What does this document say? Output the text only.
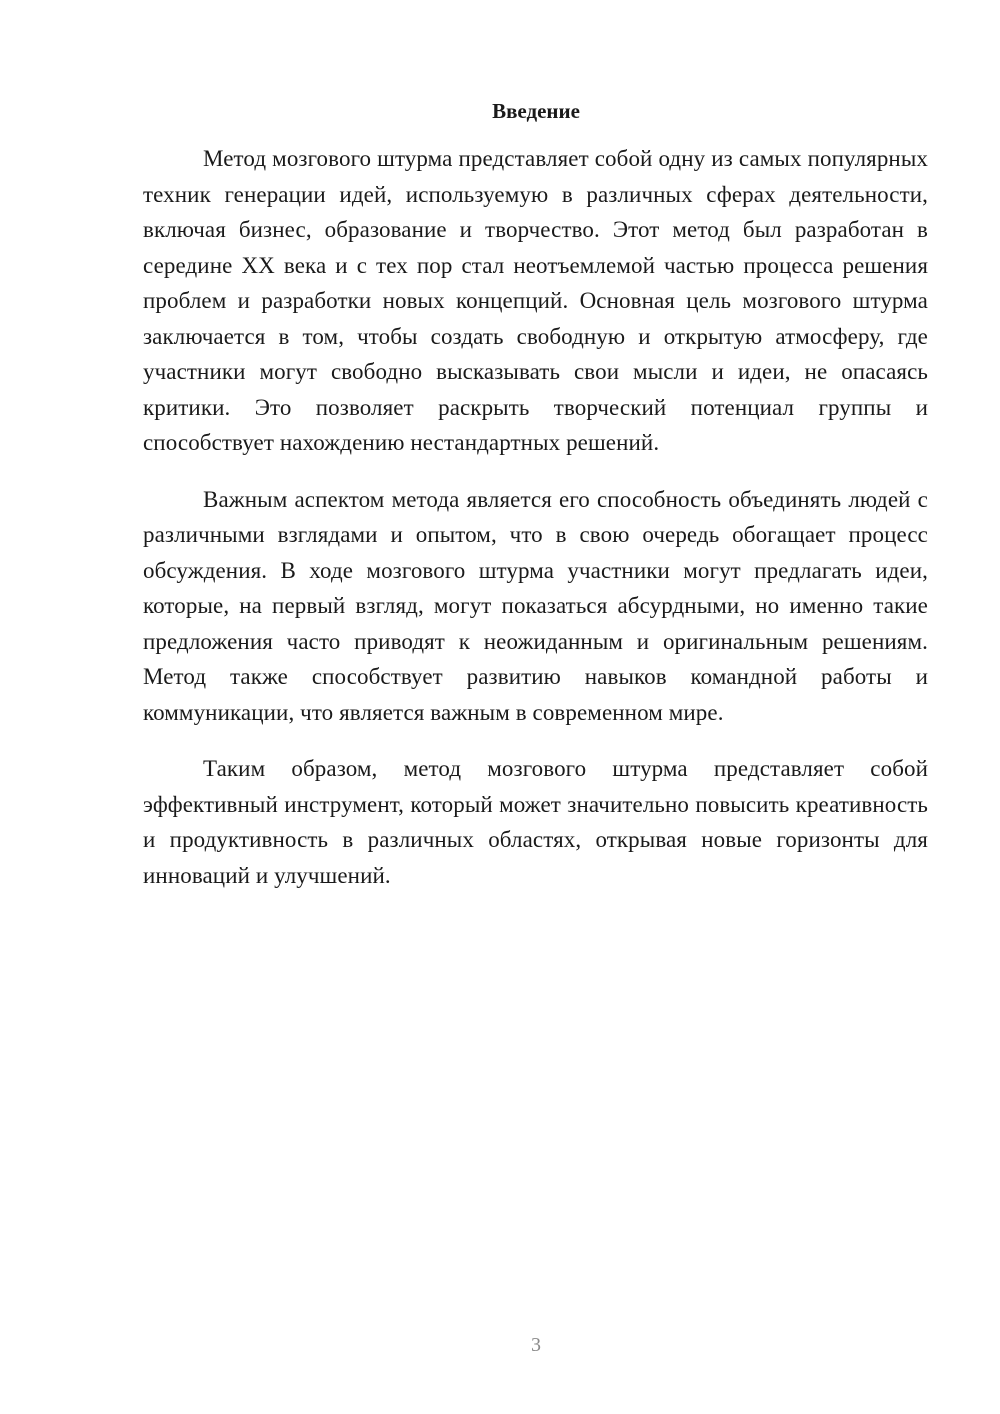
Введение

Метод мозгового штурма представляет собой одну из самых популярных техник генерации идей, используемую в различных сферах деятельности, включая бизнес, образование и творчество. Этот метод был разработан в середине XX века и с тех пор стал неотъемлемой частью процесса решения проблем и разработки новых концепций. Основная цель мозгового штурма заключается в том, чтобы создать свободную и открытую атмосферу, где участники могут свободно высказывать свои мысли и идеи, не опасаясь критики. Это позволяет раскрыть творческий потенциал группы и способствует нахождению нестандартных решений.

Важным аспектом метода является его способность объединять людей с различными взглядами и опытом, что в свою очередь обогащает процесс обсуждения. В ходе мозгового штурма участники могут предлагать идеи, которые, на первый взгляд, могут показаться абсурдными, но именно такие предложения часто приводят к неожиданным и оригинальным решениям. Метод также способствует развитию навыков командной работы и коммуникации, что является важным в современном мире.

Таким образом, метод мозгового штурма представляет собой эффективный инструмент, который может значительно повысить креативность и продуктивность в различных областях, открывая новые горизонты для инноваций и улучшений.

3
